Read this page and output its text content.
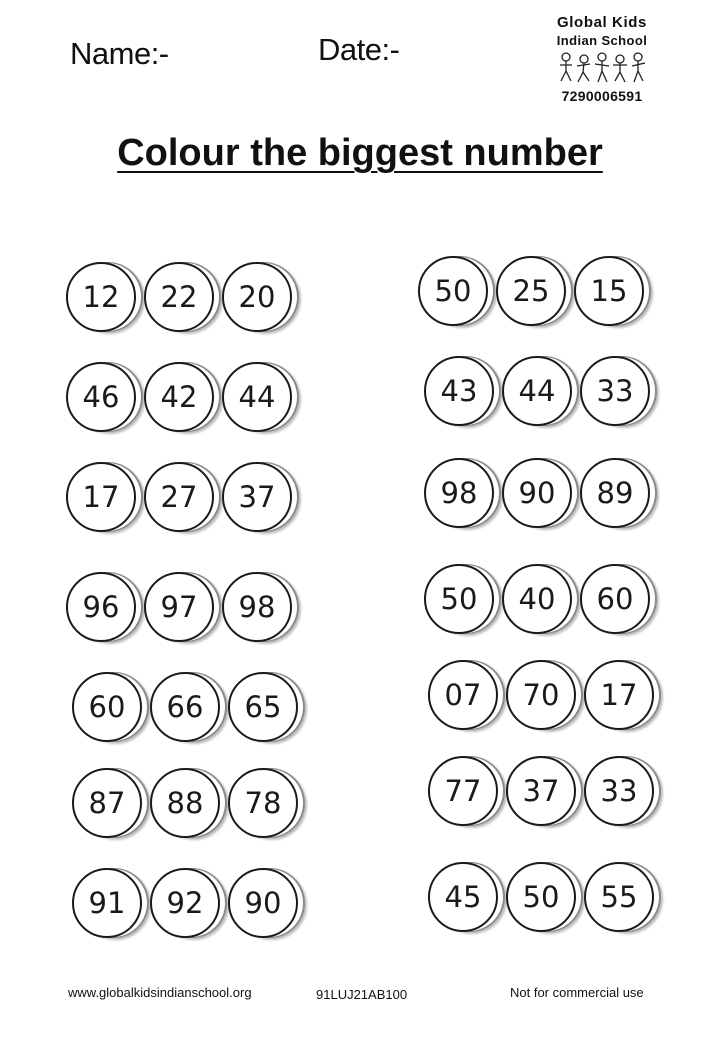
Name:-	Date:-
Global Kids
Indian School
7290006591
Colour the biggest number
12	22	20
46	42	44
17	27	37
96	97	98
60	66	65
87	88	78
91	92	90
50	25	15
43	44	33
98	90	89
50	40	60
07	70	17
77	37	33
45	50	55
www.globalkidsindianschool.org	91LUJ21AB100	Not for commercial use
